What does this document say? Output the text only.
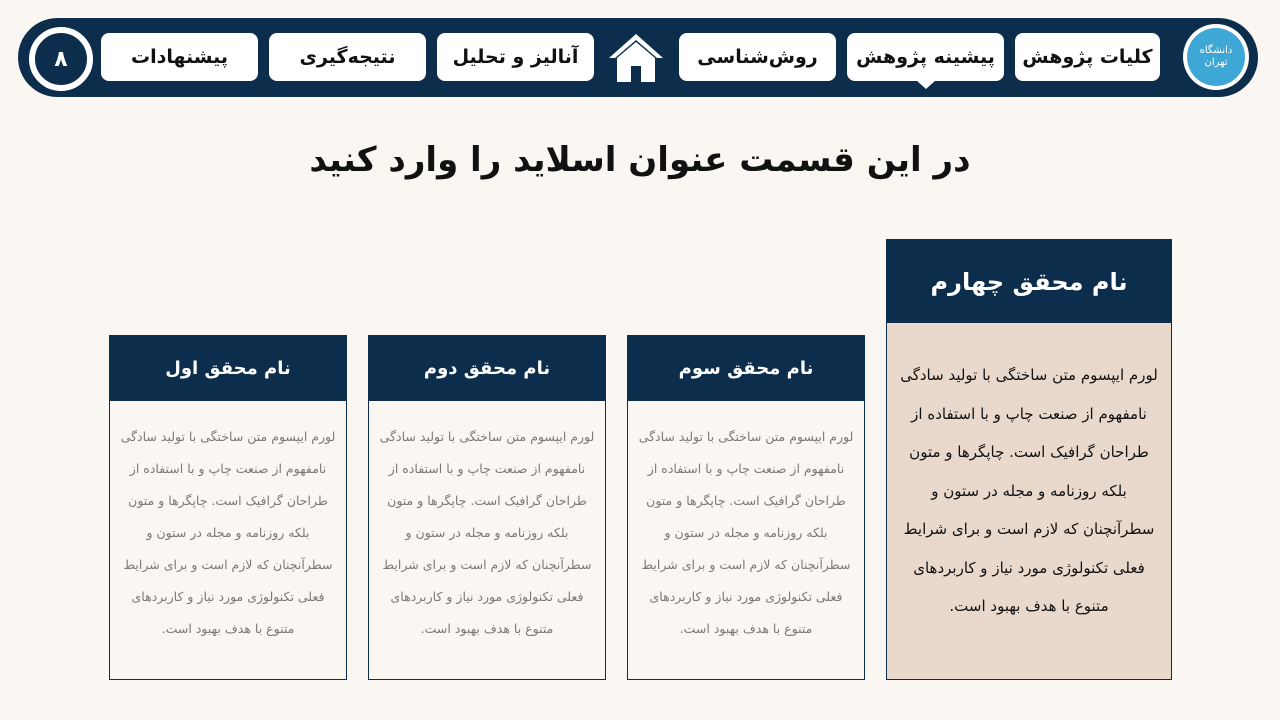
دانشگاه تهران
کلیات پژوهش
پیشینه پژوهش
روش‌شناسی
آنالیز و تحلیل
نتیجه‌گیری
پیشنهادات
۸
در این قسمت عنوان اسلاید را وارد کنید
نام محقق چهارم
لورم ایپسوم متن ساختگی با تولید سادگی نامفهوم از صنعت چاپ و با استفاده از طراحان گرافیک است. چاپگرها و متون بلکه روزنامه و مجله در ستون و سطرآنچنان که لازم است و برای شرایط فعلی تکنولوژی مورد نیاز و کاربردهای متنوع با هدف بهبود است.
نام محقق سوم
لورم ایپسوم متن ساختگی با تولید سادگی نامفهوم از صنعت چاپ و با استفاده از طراحان گرافیک است. چاپگرها و متون بلکه روزنامه و مجله در ستون و سطرآنچنان که لازم است و برای شرایط فعلی تکنولوژی مورد نیاز و کاربردهای متنوع با هدف بهبود است.
نام محقق دوم
لورم ایپسوم متن ساختگی با تولید سادگی نامفهوم از صنعت چاپ و با استفاده از طراحان گرافیک است. چاپگرها و متون بلکه روزنامه و مجله در ستون و سطرآنچنان که لازم است و برای شرایط فعلی تکنولوژی مورد نیاز و کاربردهای متنوع با هدف بهبود است.
نام محقق اول
لورم ایپسوم متن ساختگی با تولید سادگی نامفهوم از صنعت چاپ و با استفاده از طراحان گرافیک است. چاپگرها و متون بلکه روزنامه و مجله در ستون و سطرآنچنان که لازم است و برای شرایط فعلی تکنولوژی مورد نیاز و کاربردهای متنوع با هدف بهبود است.
